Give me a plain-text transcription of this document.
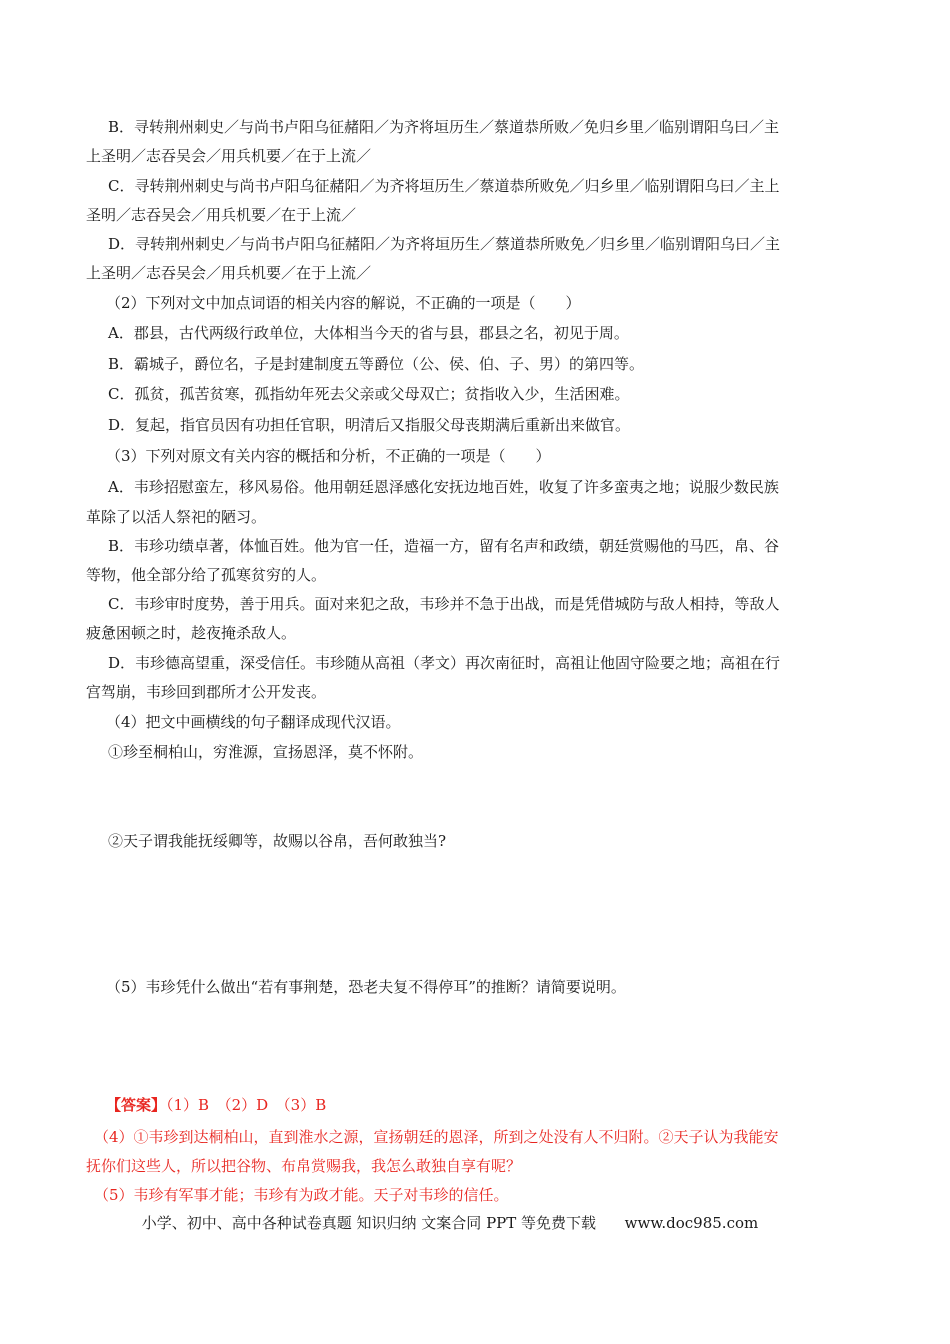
B．寻转荆州刺史／与尚书卢阳乌征赭阳／为齐将垣历生／蔡道恭所败／免归乡里／临别谓阳乌曰／主
上圣明／志吞吴会／用兵机要／在于上流／
C．寻转荆州刺史与尚书卢阳乌征赭阳／为齐将垣历生／蔡道恭所败免／归乡里／临别谓阳乌曰／主上
圣明／志吞吴会／用兵机要／在于上流／
D．寻转荆州刺史／与尚书卢阳乌征赭阳／为齐将垣历生／蔡道恭所败免／归乡里／临别谓阳乌曰／主
上圣明／志吞吴会／用兵机要／在于上流／
（2）下列对文中加点词语的相关内容的解说，不正确的一项是（　　）
A．郡县，古代两级行政单位，大体相当今天的省与县，郡县之名，初见于周。
B．霸城子，爵位名，子是封建制度五等爵位（公、侯、伯、子、男）的第四等。
C．孤贫，孤苦贫寒，孤指幼年死去父亲或父母双亡；贫指收入少，生活困难。
D．复起，指官员因有功担任官职，明清后又指服父母丧期满后重新出来做官。
（3）下列对原文有关内容的概括和分析，不正确的一项是（　　）
A．韦珍招慰蛮左，移风易俗。他用朝廷恩泽感化安抚边地百姓，收复了许多蛮夷之地；说服少数民族
革除了以活人祭祀的陋习。
B．韦珍功绩卓著，体恤百姓。他为官一任，造福一方，留有名声和政绩，朝廷赏赐他的马匹，帛、谷
等物，他全部分给了孤寒贫穷的人。
C．韦珍审时度势，善于用兵。面对来犯之敌，韦珍并不急于出战，而是凭借城防与敌人相持，等敌人
疲惫困顿之时，趁夜掩杀敌人。
D．韦珍德高望重，深受信任。韦珍随从高祖（孝文）再次南征时，高祖让他固守险要之地；高祖在行
宫驾崩，韦珍回到郡所才公开发丧。
（4）把文中画横线的句子翻译成现代汉语。
①珍至桐柏山，穷淮源，宣扬恩泽，莫不怀附。
②天子谓我能抚绥卿等，故赐以谷帛，吾何敢独当?
（5）韦珍凭什么做出“若有事荆楚，恐老夫复不得停耳”的推断？请简要说明。
【答案】（1）B　（2）D　（3）B
（4）①韦珍到达桐柏山，直到淮水之源，宣扬朝廷的恩泽，所到之处没有人不归附。②天子认为我能安
抚你们这些人，所以把谷物、布帛赏赐我，我怎么敢独自享有呢？
（5）韦珍有军事才能；韦珍有为政才能。天子对韦珍的信任。
小学、初中、高中各种试卷真题 知识归纳 文案合同 PPT 等免费下载 www.doc985.com
